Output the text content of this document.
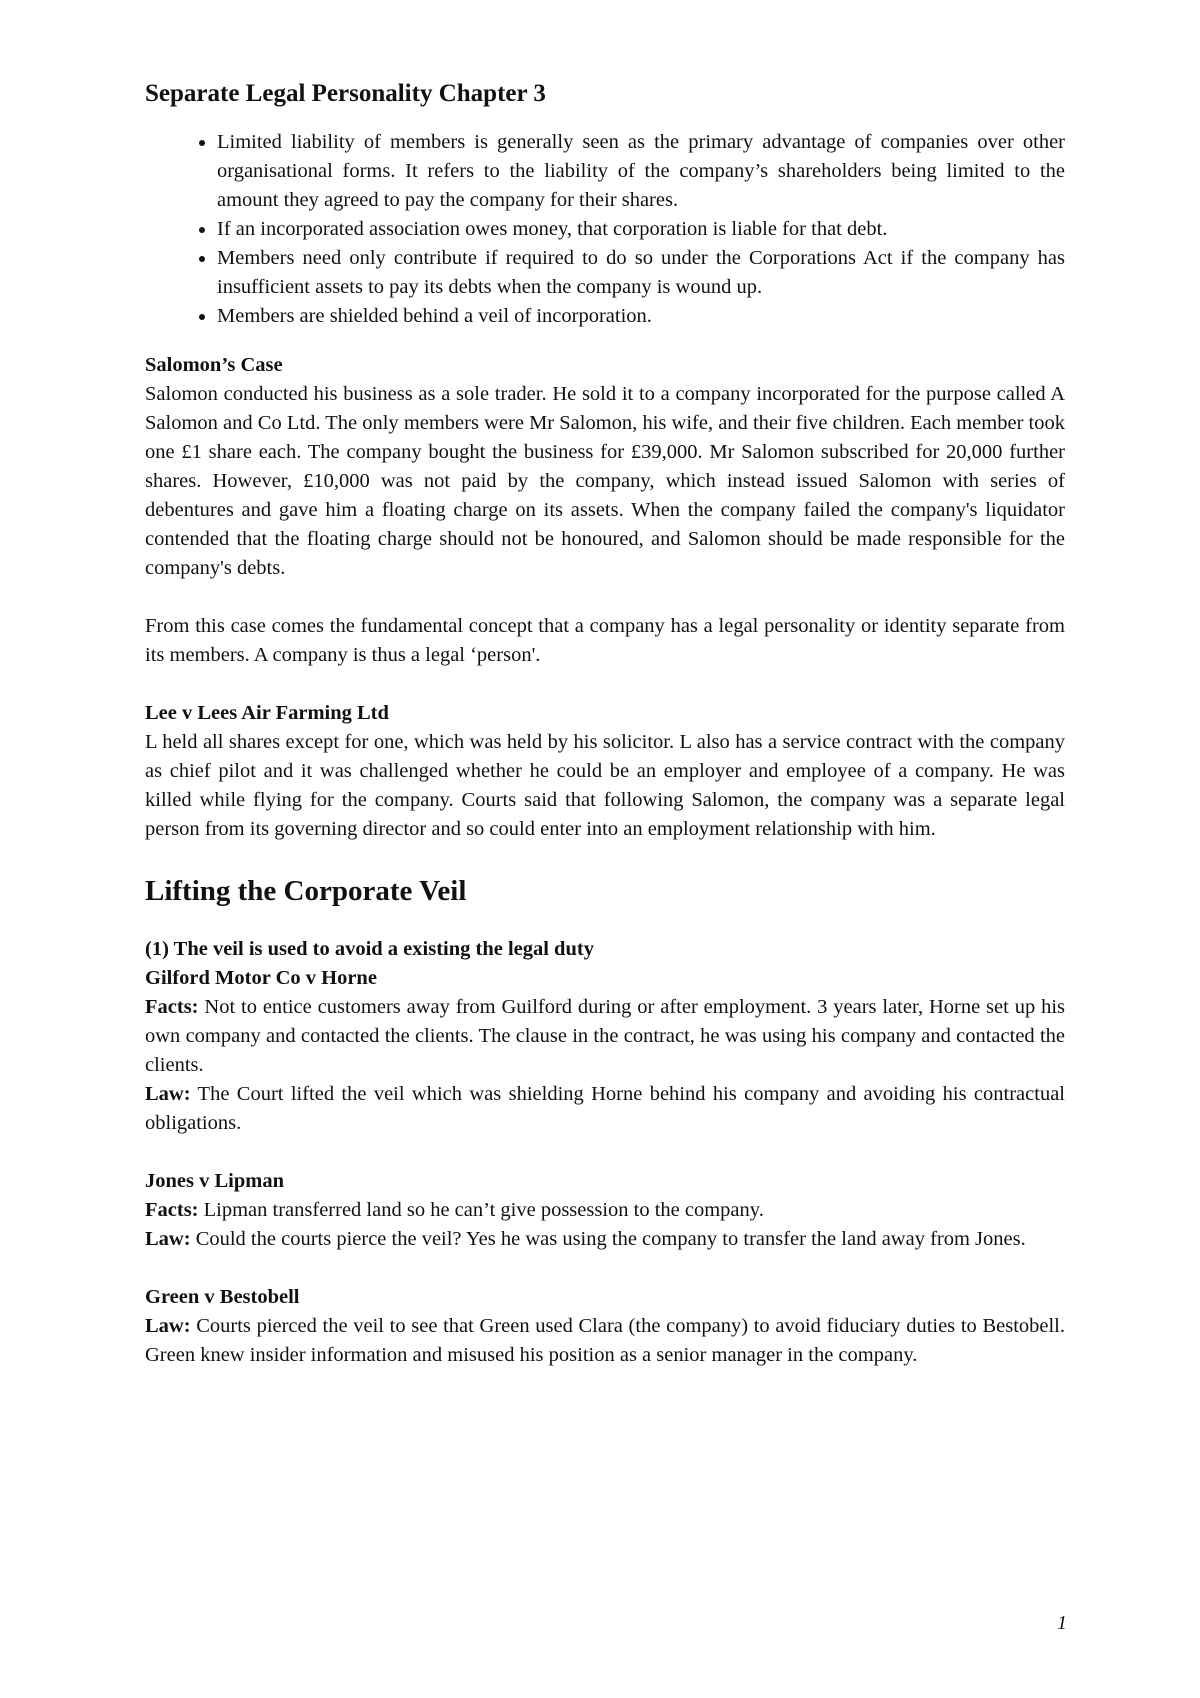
Separate Legal Personality Chapter 3
• Limited liability of members is generally seen as the primary advantage of companies over other organisational forms. It refers to the liability of the company’s shareholders being limited to the amount they agreed to pay the company for their shares.
• If an incorporated association owes money, that corporation is liable for that debt.
• Members need only contribute if required to do so under the Corporations Act if the company has insufficient assets to pay its debts when the company is wound up.
• Members are shielded behind a veil of incorporation.

Salomon’s Case

Salomon conducted his business as a sole trader. He sold it to a company incorporated for the purpose called A Salomon and Co Ltd. The only members were Mr Salomon, his wife, and their five children. Each member took one £1 share each. The company bought the business for £39,000. Mr Salomon subscribed for 20,000 further shares. However, £10,000 was not paid by the company, which instead issued Salomon with series of debentures and gave him a floating charge on its assets. When the company failed the company's liquidator contended that the floating charge should not be honoured, and Salomon should be made responsible for the company's debts.

From this case comes the fundamental concept that a company has a legal personality or identity separate from its members. A company is thus a legal ‘person'.

Lee v Lees Air Farming Ltd

L held all shares except for one, which was held by his solicitor. L also has a service contract with the company as chief pilot and it was challenged whether he could be an employer and employee of a company. He was killed while flying for the company. Courts said that following Salomon, the company was a separate legal person from its governing director and so could enter into an employment relationship with him.

Lifting the Corporate Veil

(1) The veil is used to avoid a existing the legal duty

Gilford Motor Co v Horne

Facts: Not to entice customers away from Guilford during or after employment. 3 years later, Horne set up his own company and contacted the clients. The clause in the contract, he was using his company and contacted the clients.

Law: The Court lifted the veil which was shielding Horne behind his company and avoiding his contractual obligations.

Jones v Lipman

Facts: Lipman transferred land so he can’t give possession to the company.

Law: Could the courts pierce the veil? Yes he was using the company to transfer the land away from Jones.

Green v Bestobell

Law: Courts pierced the veil to see that Green used Clara (the company) to avoid fiduciary duties to Bestobell. Green knew insider information and misused his position as a senior manager in the company.

1
